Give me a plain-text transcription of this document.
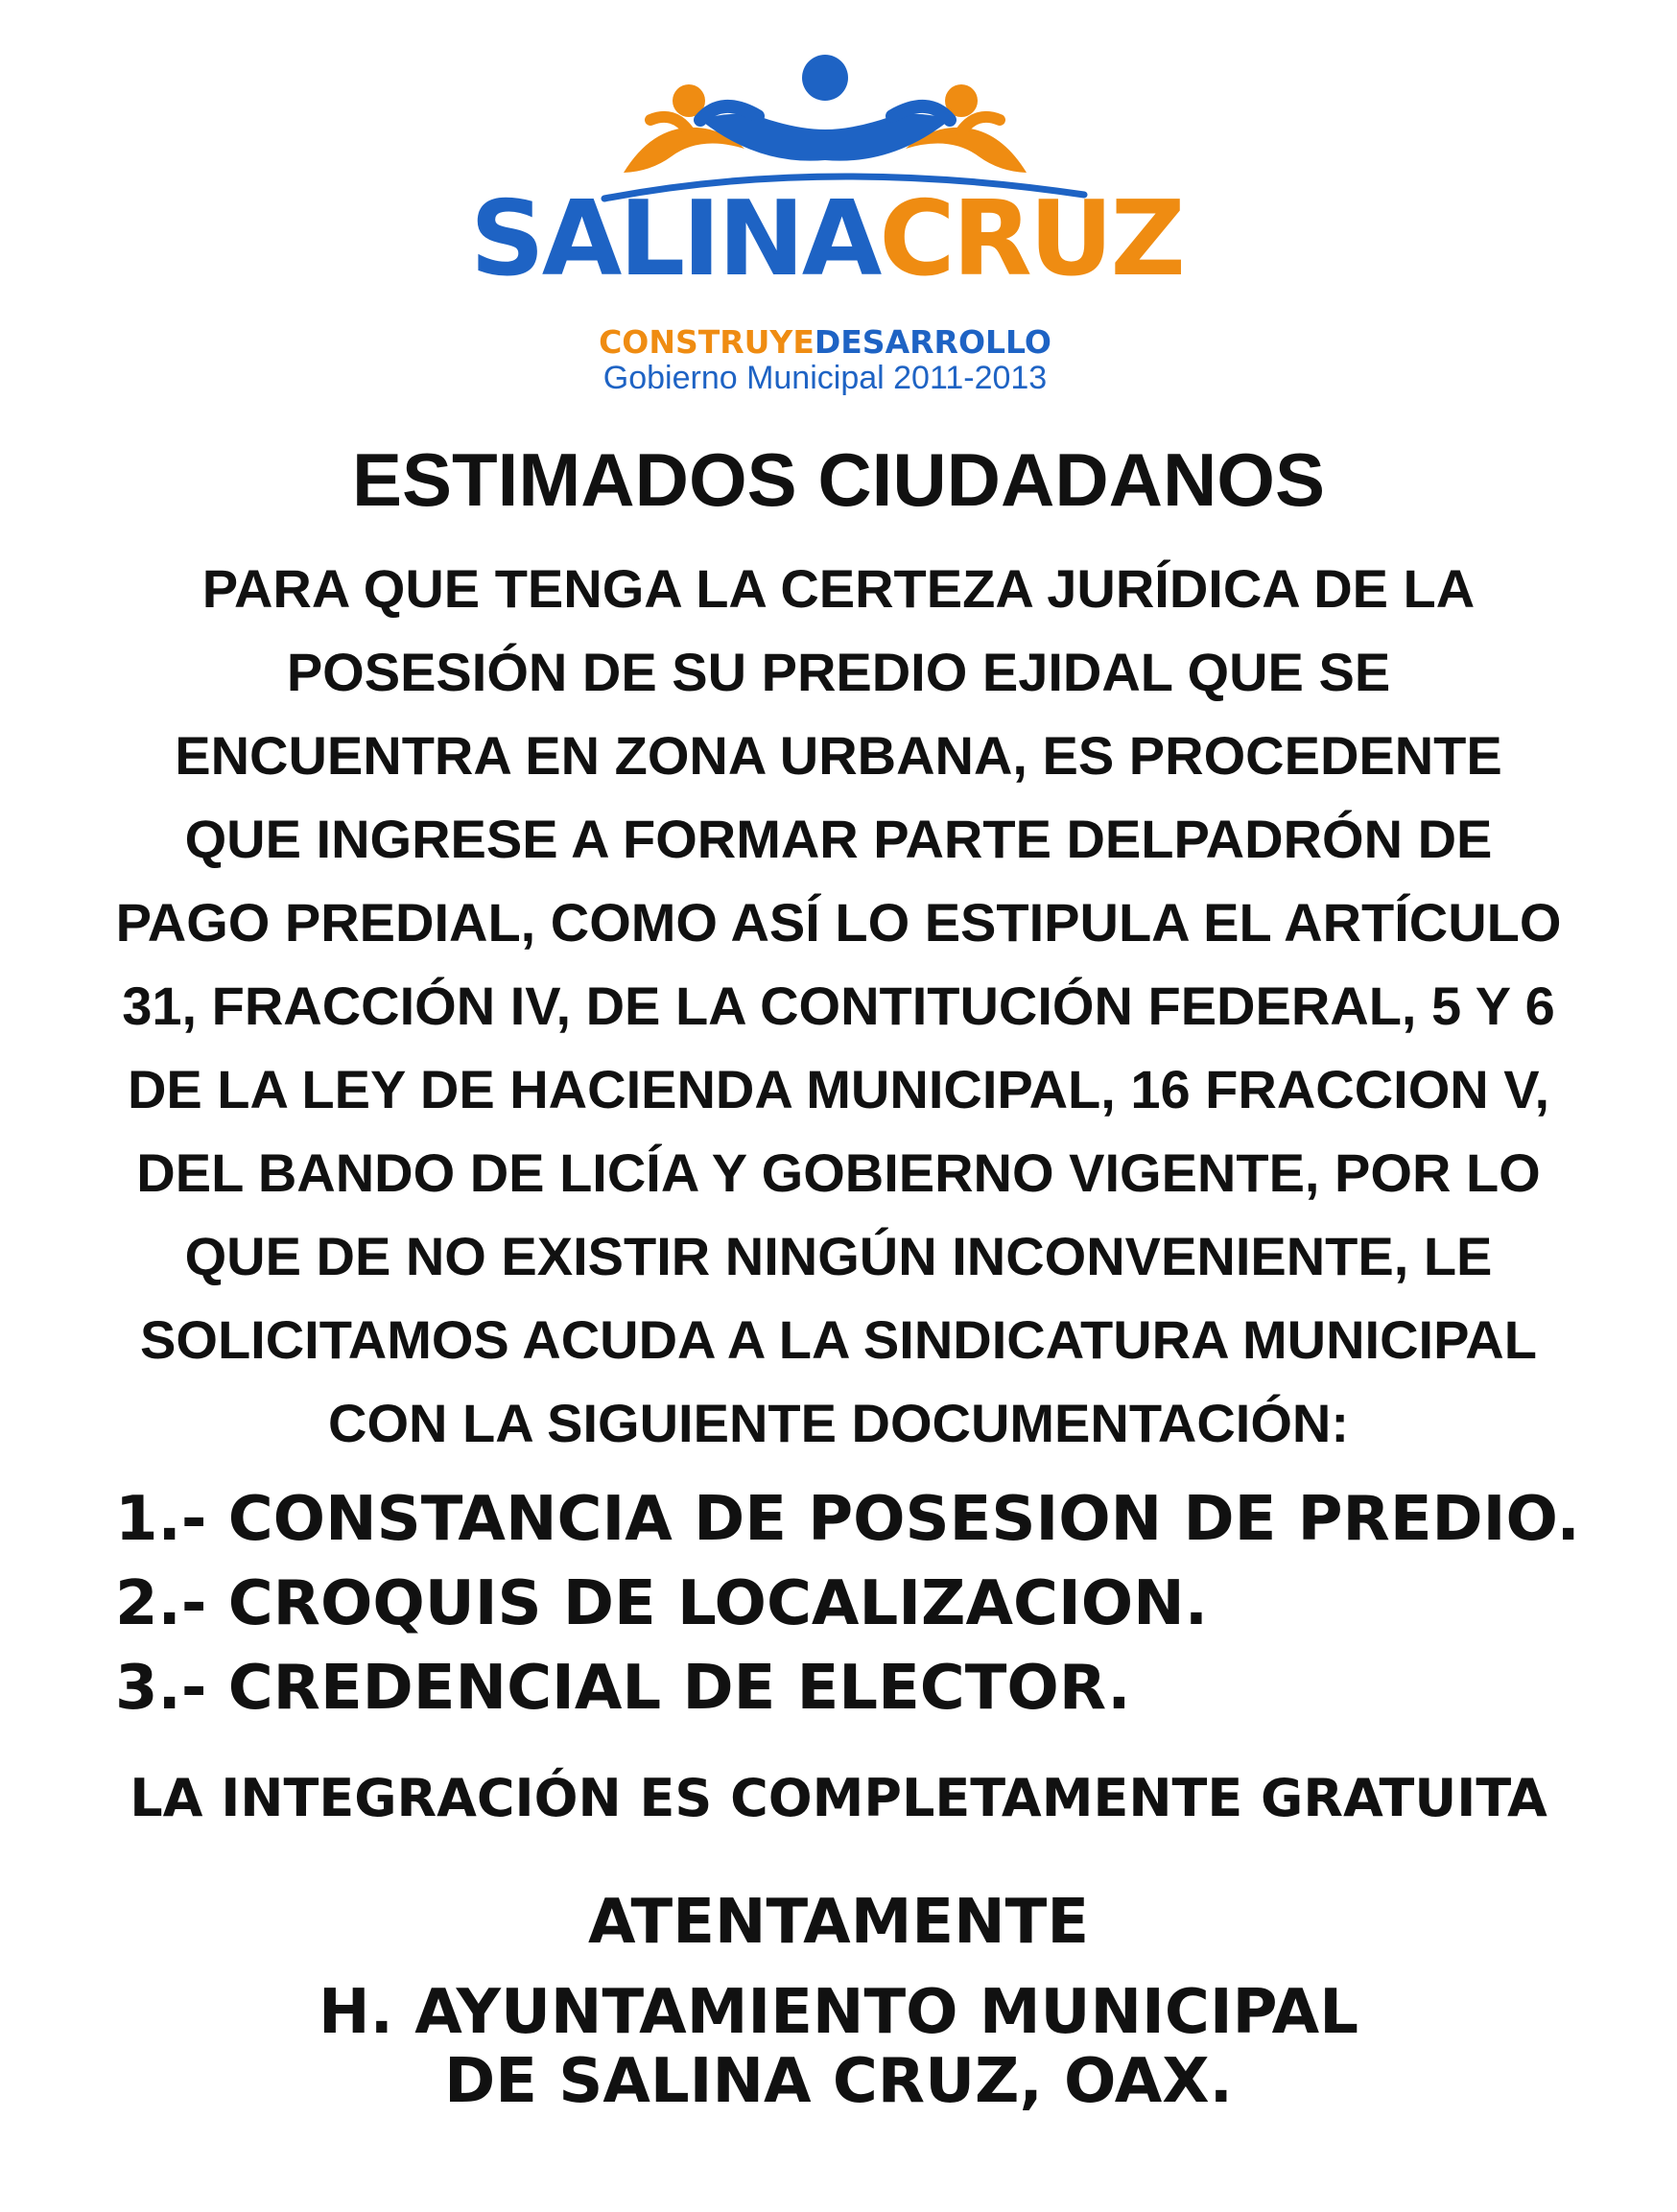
SALINACRUZ
CONSTRUYEDESARROLLO
Gobierno Municipal 2011-2013
ESTIMADOS CIUDADANOS

PARA QUE TENGA LA CERTEZA JURÍDICA DE LA
POSESIÓN DE SU PREDIO EJIDAL QUE SE
ENCUENTRA EN ZONA URBANA, ES PROCEDENTE
QUE INGRESE A FORMAR PARTE DELPADRÓN DE
PAGO PREDIAL, COMO ASÍ LO ESTIPULA EL ARTÍCULO
31, FRACCIÓN IV, DE LA CONTITUCIÓN FEDERAL, 5 Y 6
DE LA LEY DE HACIENDA MUNICIPAL, 16 FRACCION V,
DEL BANDO DE LICÍA Y GOBIERNO VIGENTE, POR LO
QUE DE NO EXISTIR NINGÚN INCONVENIENTE, LE
SOLICITAMOS ACUDA A LA SINDICATURA MUNICIPAL
CON LA SIGUIENTE DOCUMENTACIÓN:

1.- CONSTANCIA DE POSESION DE PREDIO.
2.- CROQUIS DE LOCALIZACION.
3.- CREDENCIAL DE ELECTOR.

LA INTEGRACIÓN ES COMPLETAMENTE GRATUITA

ATENTAMENTE

H. AYUNTAMIENTO MUNICIPAL

DE SALINA CRUZ, OAX.
